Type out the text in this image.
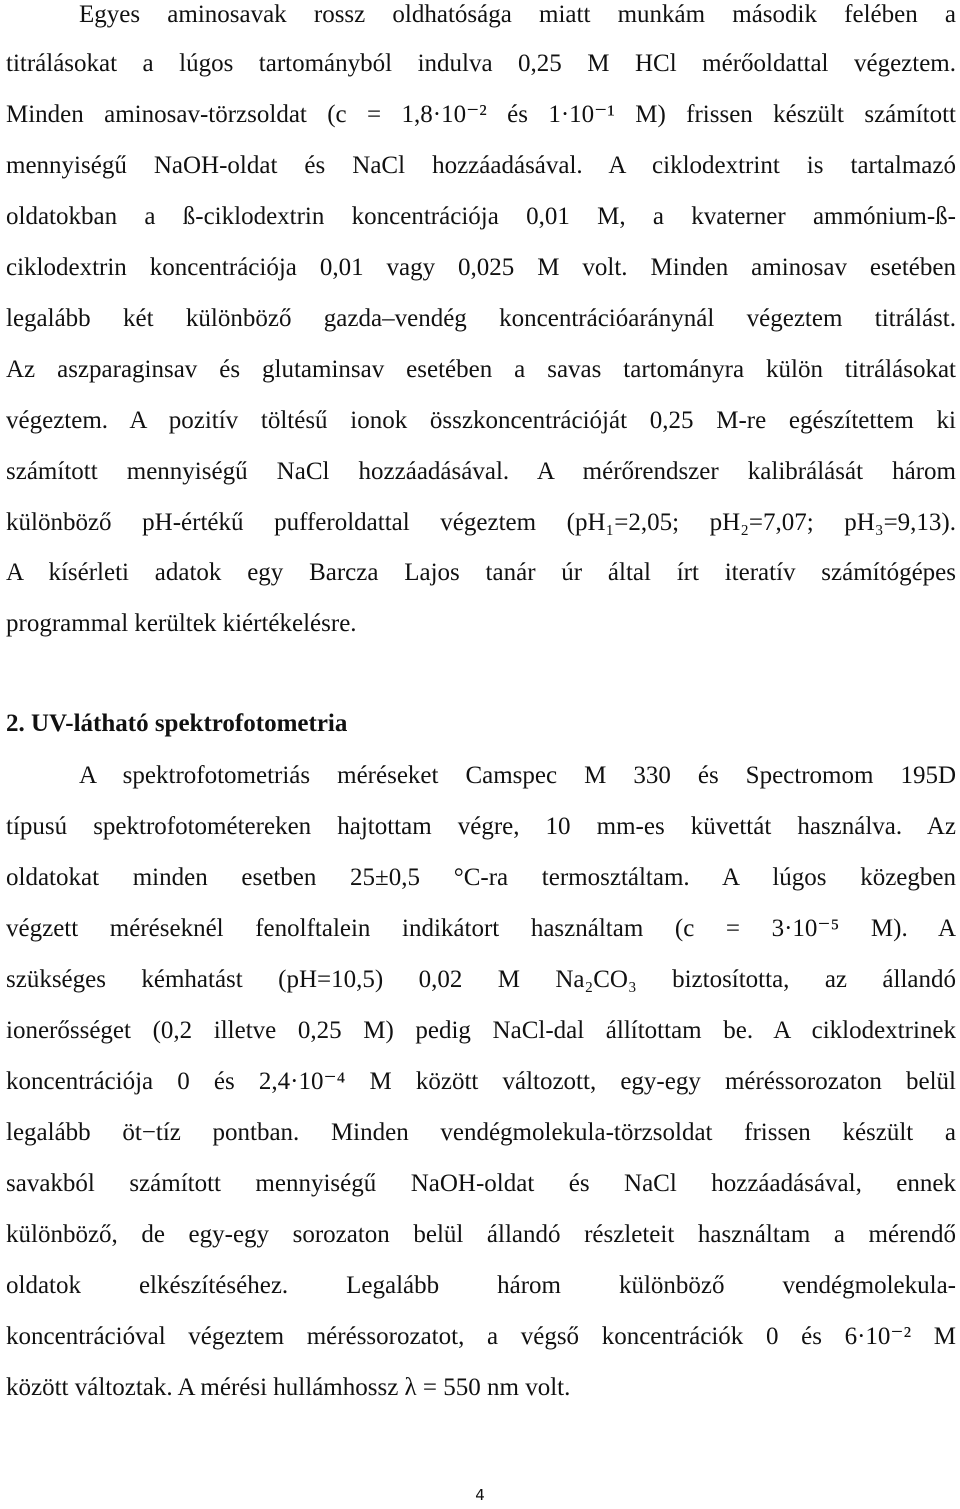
Egyes aminosavak rossz oldhatósága miatt munkám második felében a
titrálásokat a lúgos tartományból indulva 0,25 M HCl mérőoldattal végeztem.
Minden aminosav-törzsoldat (c = 1,8·10⁻² és 1·10⁻¹ M) frissen készült számított
mennyiségű NaOH-oldat és NaCl hozzáadásával. A ciklodextrint is tartalmazó
oldatokban a ß-ciklodextrin koncentrációja 0,01 M, a kvaterner ammónium-ß-
ciklodextrin koncentrációja 0,01 vagy 0,025 M volt. Minden aminosav esetében
legalább két különböző gazda–vendég koncentrációaránynál végeztem titrálást.
Az aszparaginsav és glutaminsav esetében a savas tartományra külön titrálásokat
végeztem. A pozitív töltésű ionok összkoncentrációját 0,25 M-re egészítettem ki
számított mennyiségű NaCl hozzáadásával. A mérőrendszer kalibrálását három
különböző pH-értékű pufferoldattal végeztem (pH₁=2,05; pH₂=7,07; pH₃=9,13).
A kísérleti adatok egy Barcza Lajos tanár úr által írt iteratív számítógépes
programmal kerültek kiértékelésre.
2. UV-látható spektrofotometria
A spektrofotometriás méréseket Camspec M 330 és Spectromom 195D
típusú spektrofotométereken hajtottam végre, 10 mm-es küvettát használva. Az
oldatokat minden esetben 25±0,5 °C-ra termosztáltam. A lúgos közegben
végzett méréseknél fenolftalein indikátort használtam (c = 3·10⁻⁵ M). A
szükséges kémhatást (pH=10,5) 0,02 M Na₂CO₃ biztosította, az állandó
ionerősséget (0,2 illetve 0,25 M) pedig NaCl-dal állítottam be. A ciklodextrinek
koncentrációja 0 és 2,4·10⁻⁴ M között változott, egy-egy méréssorozaton belül
legalább öt−tíz pontban. Minden vendégmolekula-törzsoldat frissen készült a
savakból számított mennyiségű NaOH-oldat és NaCl hozzáadásával, ennek
különböző, de egy-egy sorozaton belül állandó részleteit használtam a mérendő
oldatok elkészítéséhez. Legalább három különböző vendégmolekula-
koncentrációval végeztem méréssorozatot, a végső koncentrációk 0 és 6·10⁻² M
között változtak. A mérési hullámhossz λ = 550 nm volt.
4
